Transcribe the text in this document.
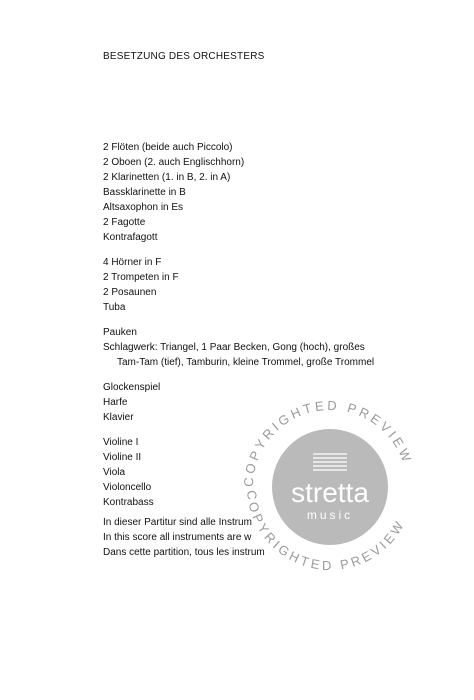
BESETZUNG DES ORCHESTERS
2 Flöten (beide auch Piccolo)
2 Oboen (2. auch Englischhorn)
2 Klarinetten (1. in B, 2. in A)
Bassklarinette in B
Altsaxophon in Es
2 Fagotte
Kontrafagott
4 Hörner in F
2 Trompeten in F
2 Posaunen
Tuba
Pauken
Schlagwerk: Triangel, 1 Paar Becken, Gong (hoch), großes
Tam-Tam (tief), Tamburin, kleine Trommel, große Trommel
Glockenspiel
Harfe
Klavier
Violine I
Violine II
Viola
Violoncello
Kontrabass
In dieser Partitur sind alle Instrum
In this score all instruments are w
Dans cette partition, tous les instrum
COPYRIGHTED PREVIEW
COPYRIGHTED PREVIEW
stretta
music
